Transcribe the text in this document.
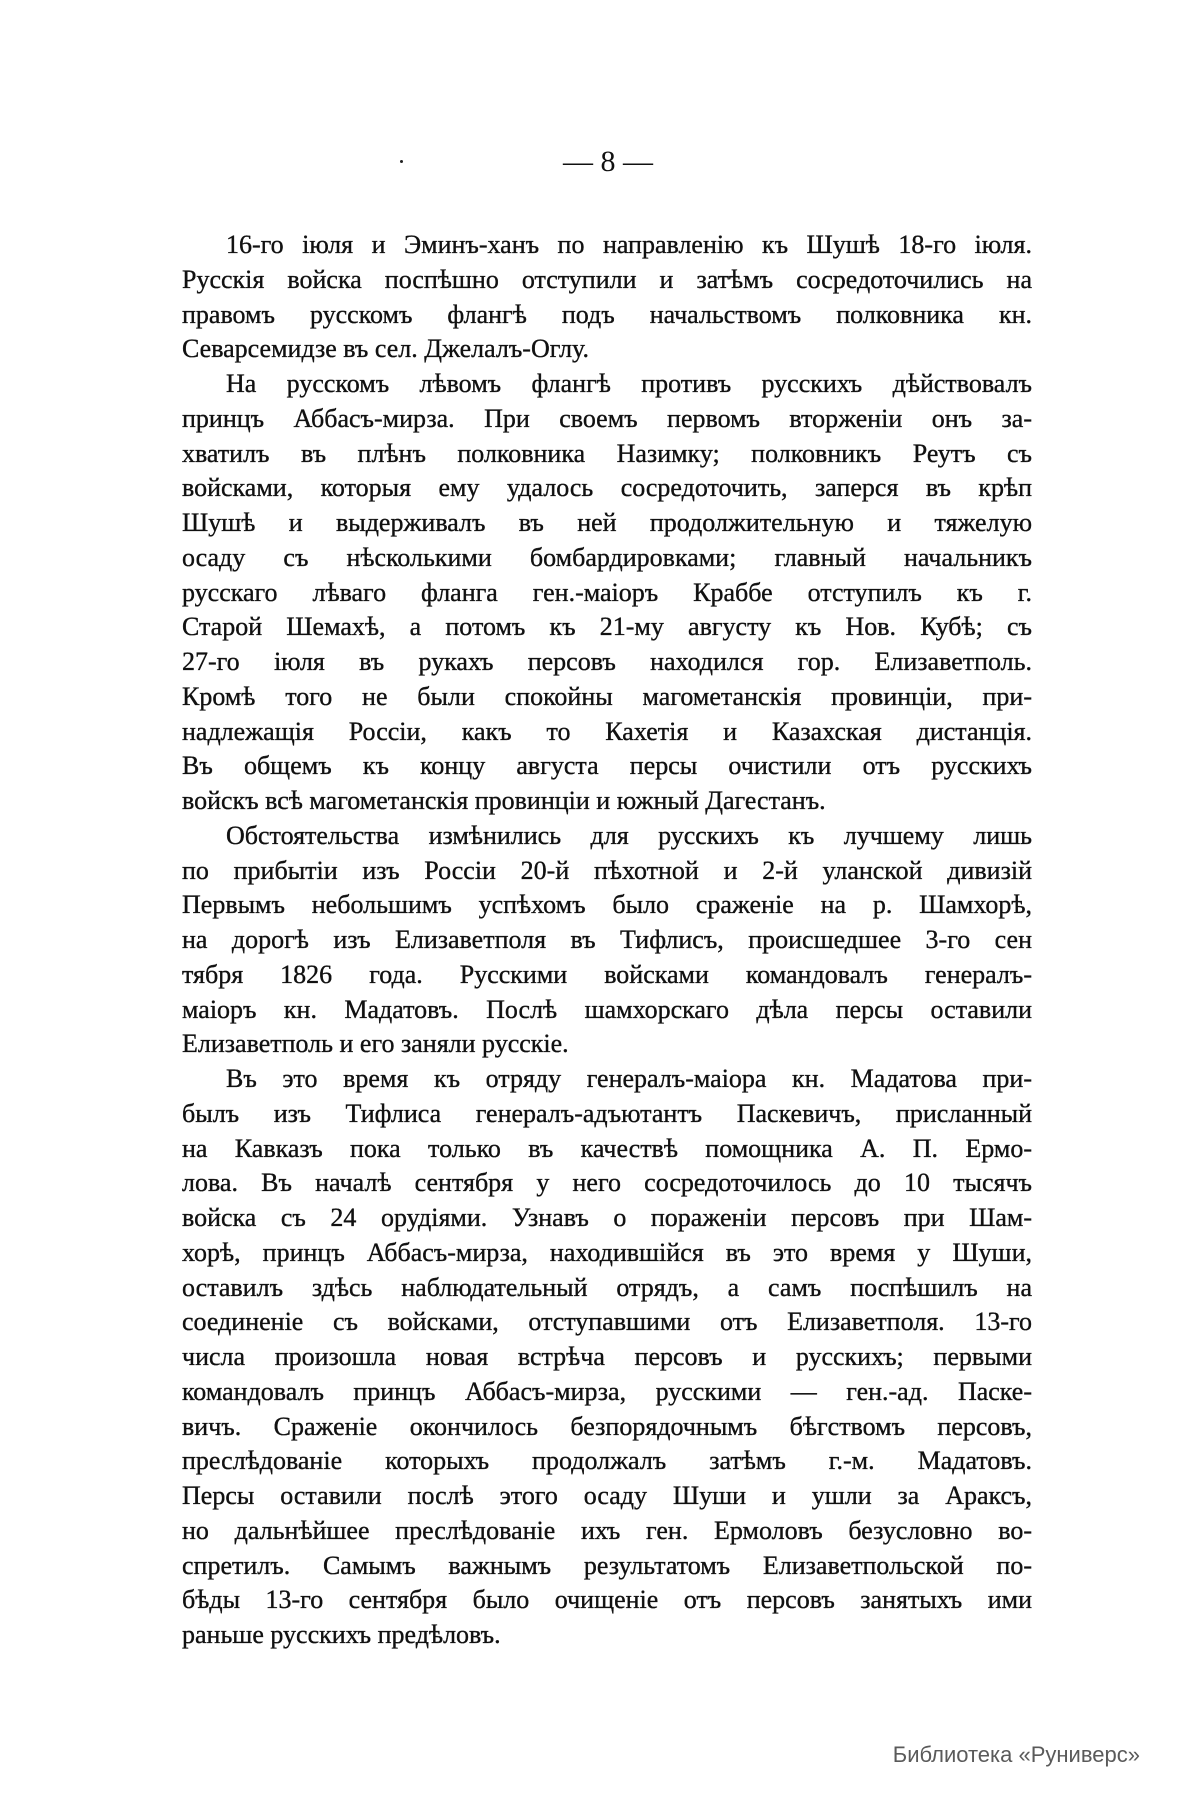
— 8 —
16-го іюля и Эминъ-ханъ по направленію къ Шушѣ 18-го іюля.
Русскія войска поспѣшно отступили и затѣмъ сосредоточились на
правомъ русскомъ флангѣ подъ начальствомъ полковника кн.
Севарсемидзе въ сел. Джелалъ-Оглу.
На русскомъ лѣвомъ флангѣ противъ русскихъ дѣйствовалъ
принцъ Аббасъ-мирза. При своемъ первомъ вторженіи онъ за-
хватилъ въ плѣнъ полковника Назимку; полковникъ Реутъ съ
войсками, которыя ему удалось сосредоточить, заперся въ крѣп
Шушѣ и выдерживалъ въ ней продолжительную и тяжелую
осаду съ нѣсколькими бомбардировками; главный начальникъ
русскаго лѣваго фланга ген.-маіоръ Краббе отступилъ къ г.
Старой Шемахѣ, а потомъ къ 21-му августу къ Нов. Кубѣ; съ
27-го іюля въ рукахъ персовъ находился гор. Елизаветполь.
Кромѣ того не были спокойны магометанскія провинціи, при-
надлежащія Россіи, какъ то Кахетія и Казахская дистанція.
Въ общемъ къ концу августа персы очистили отъ русскихъ
войскъ всѣ магометанскія провинціи и южный Дагестанъ.
Обстоятельства измѣнились для русскихъ къ лучшему лишь
по прибытіи изъ Россіи 20-й пѣхотной и 2-й уланской дивизій
Первымъ небольшимъ успѣхомъ было сраженіе на р. Шамхорѣ,
на дорогѣ изъ Елизаветполя въ Тифлисъ, происшедшее 3-го сен
тября 1826 года. Русскими войсками командовалъ генералъ-
маіоръ кн. Мадатовъ. Послѣ шамхорскаго дѣла персы оставили
Елизаветполь и его заняли русскіе.
Въ это время къ отряду генералъ-маіора кн. Мадатова при-
былъ изъ Тифлиса генералъ-адъютантъ Паскевичъ, присланный
на Кавказъ пока только въ качествѣ помощника А. П. Ермо-
лова. Въ началѣ сентября у него сосредоточилось до 10 тысячъ
войска съ 24 орудіями. Узнавъ о пораженіи персовъ при Шам-
хорѣ, принцъ Аббасъ-мирза, находившійся въ это время у Шуши,
оставилъ здѣсь наблюдательный отрядъ, а самъ поспѣшилъ на
соединеніе съ войсками, отступавшими отъ Елизаветполя. 13-го
числа произошла новая встрѣча персовъ и русскихъ; первыми
командовалъ принцъ Аббасъ-мирза, русскими — ген.-ад. Паске-
вичъ. Сраженіе окончилось безпорядочнымъ бѣгствомъ персовъ,
преслѣдованіе которыхъ продолжалъ затѣмъ г.-м. Мадатовъ.
Персы оставили послѣ этого осаду Шуши и ушли за Араксъ,
но дальнѣйшее преслѣдованіе ихъ ген. Ермоловъ безусловно во-
спретилъ. Самымъ важнымъ результатомъ Елизаветпольской по-
бѣды 13-го сентября было очищеніе отъ персовъ занятыхъ ими
раньше русскихъ предѣловъ.
Библиотека «Руниверс»
